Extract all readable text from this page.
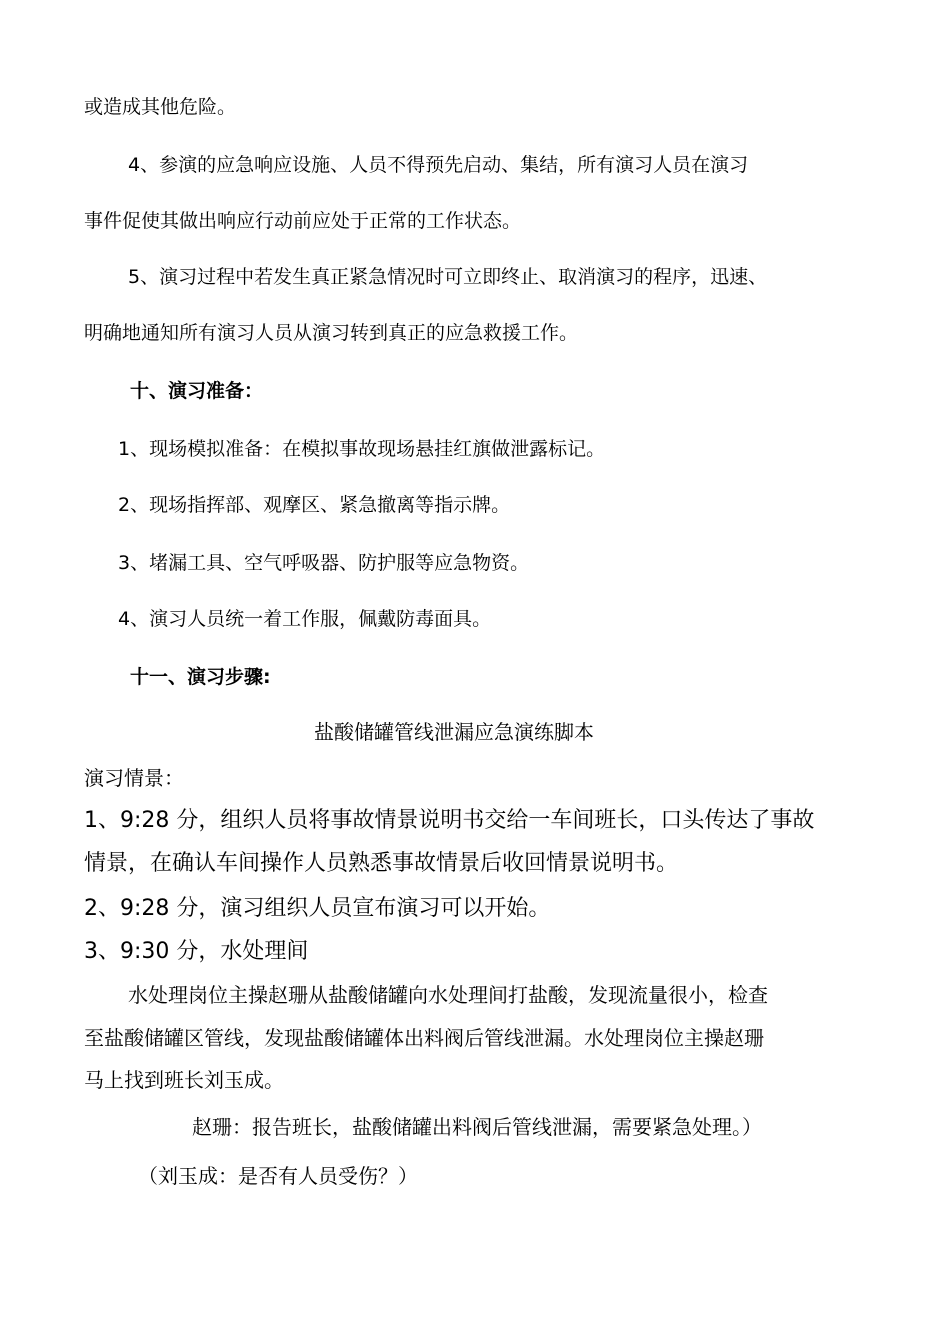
或造成其他危险。

4、参演的应急响应设施、人员不得预先启动、集结，所有演习人员在演习

事件促使其做出响应行动前应处于正常的工作状态。

5、演习过程中若发生真正紧急情况时可立即终止、取消演习的程序，迅速、

明确地通知所有演习人员从演习转到真正的应急救援工作。

十、演习准备：

1、现场模拟准备：在模拟事故现场悬挂红旗做泄露标记。

2、现场指挥部、观摩区、紧急撤离等指示牌。

3、堵漏工具、空气呼吸器、防护服等应急物资。

4、演习人员统一着工作服，佩戴防毒面具。

十一、演习步骤:

盐酸储罐管线泄漏应急演练脚本

演习情景：

1、9:28 分，组织人员将事故情景说明书交给一车间班长，口头传达了事故

情景，在确认车间操作人员熟悉事故情景后收回情景说明书。

2、9:28 分，演习组织人员宣布演习可以开始。

3、9:30 分，水处理间

水处理岗位主操赵珊从盐酸储罐向水处理间打盐酸，发现流量很小，检查

至盐酸储罐区管线，发现盐酸储罐体出料阀后管线泄漏。水处理岗位主操赵珊

马上找到班长刘玉成。

赵珊：报告班长，盐酸储罐出料阀后管线泄漏，需要紧急处理。）

（刘玉成：是否有人员受伤？）
